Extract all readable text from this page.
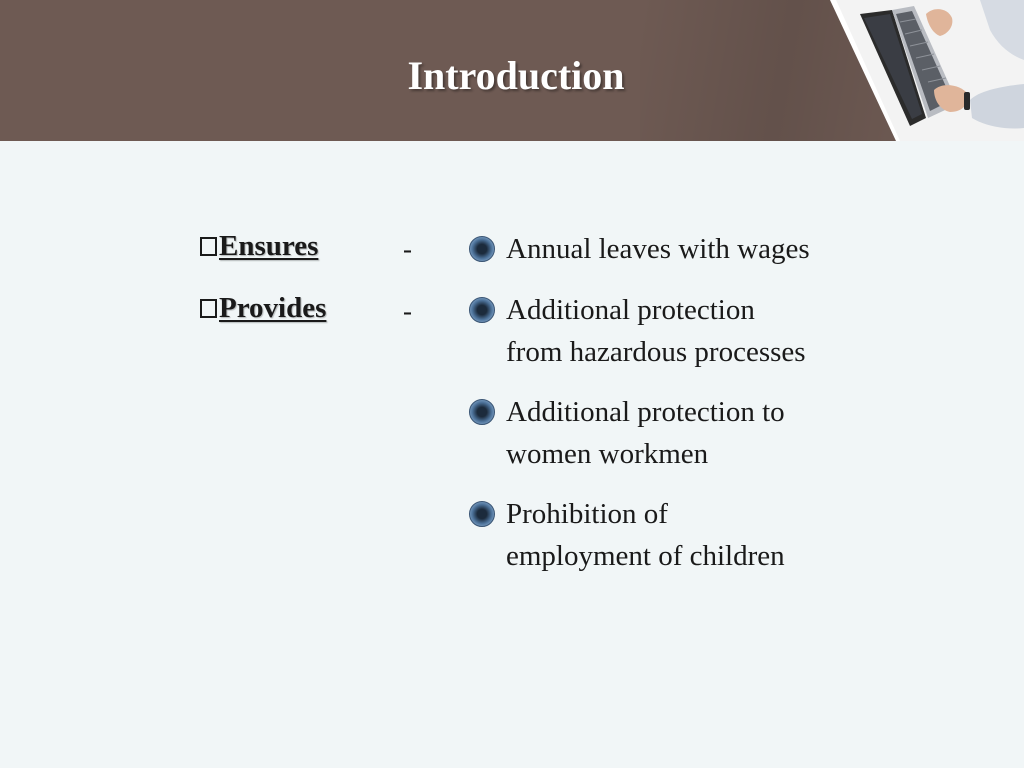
Introduction
Ensures	-
Provides	-
Annual leaves with wages
Additional protection
from hazardous processes
Additional protection to
women workmen
Prohibition of
employment of children
